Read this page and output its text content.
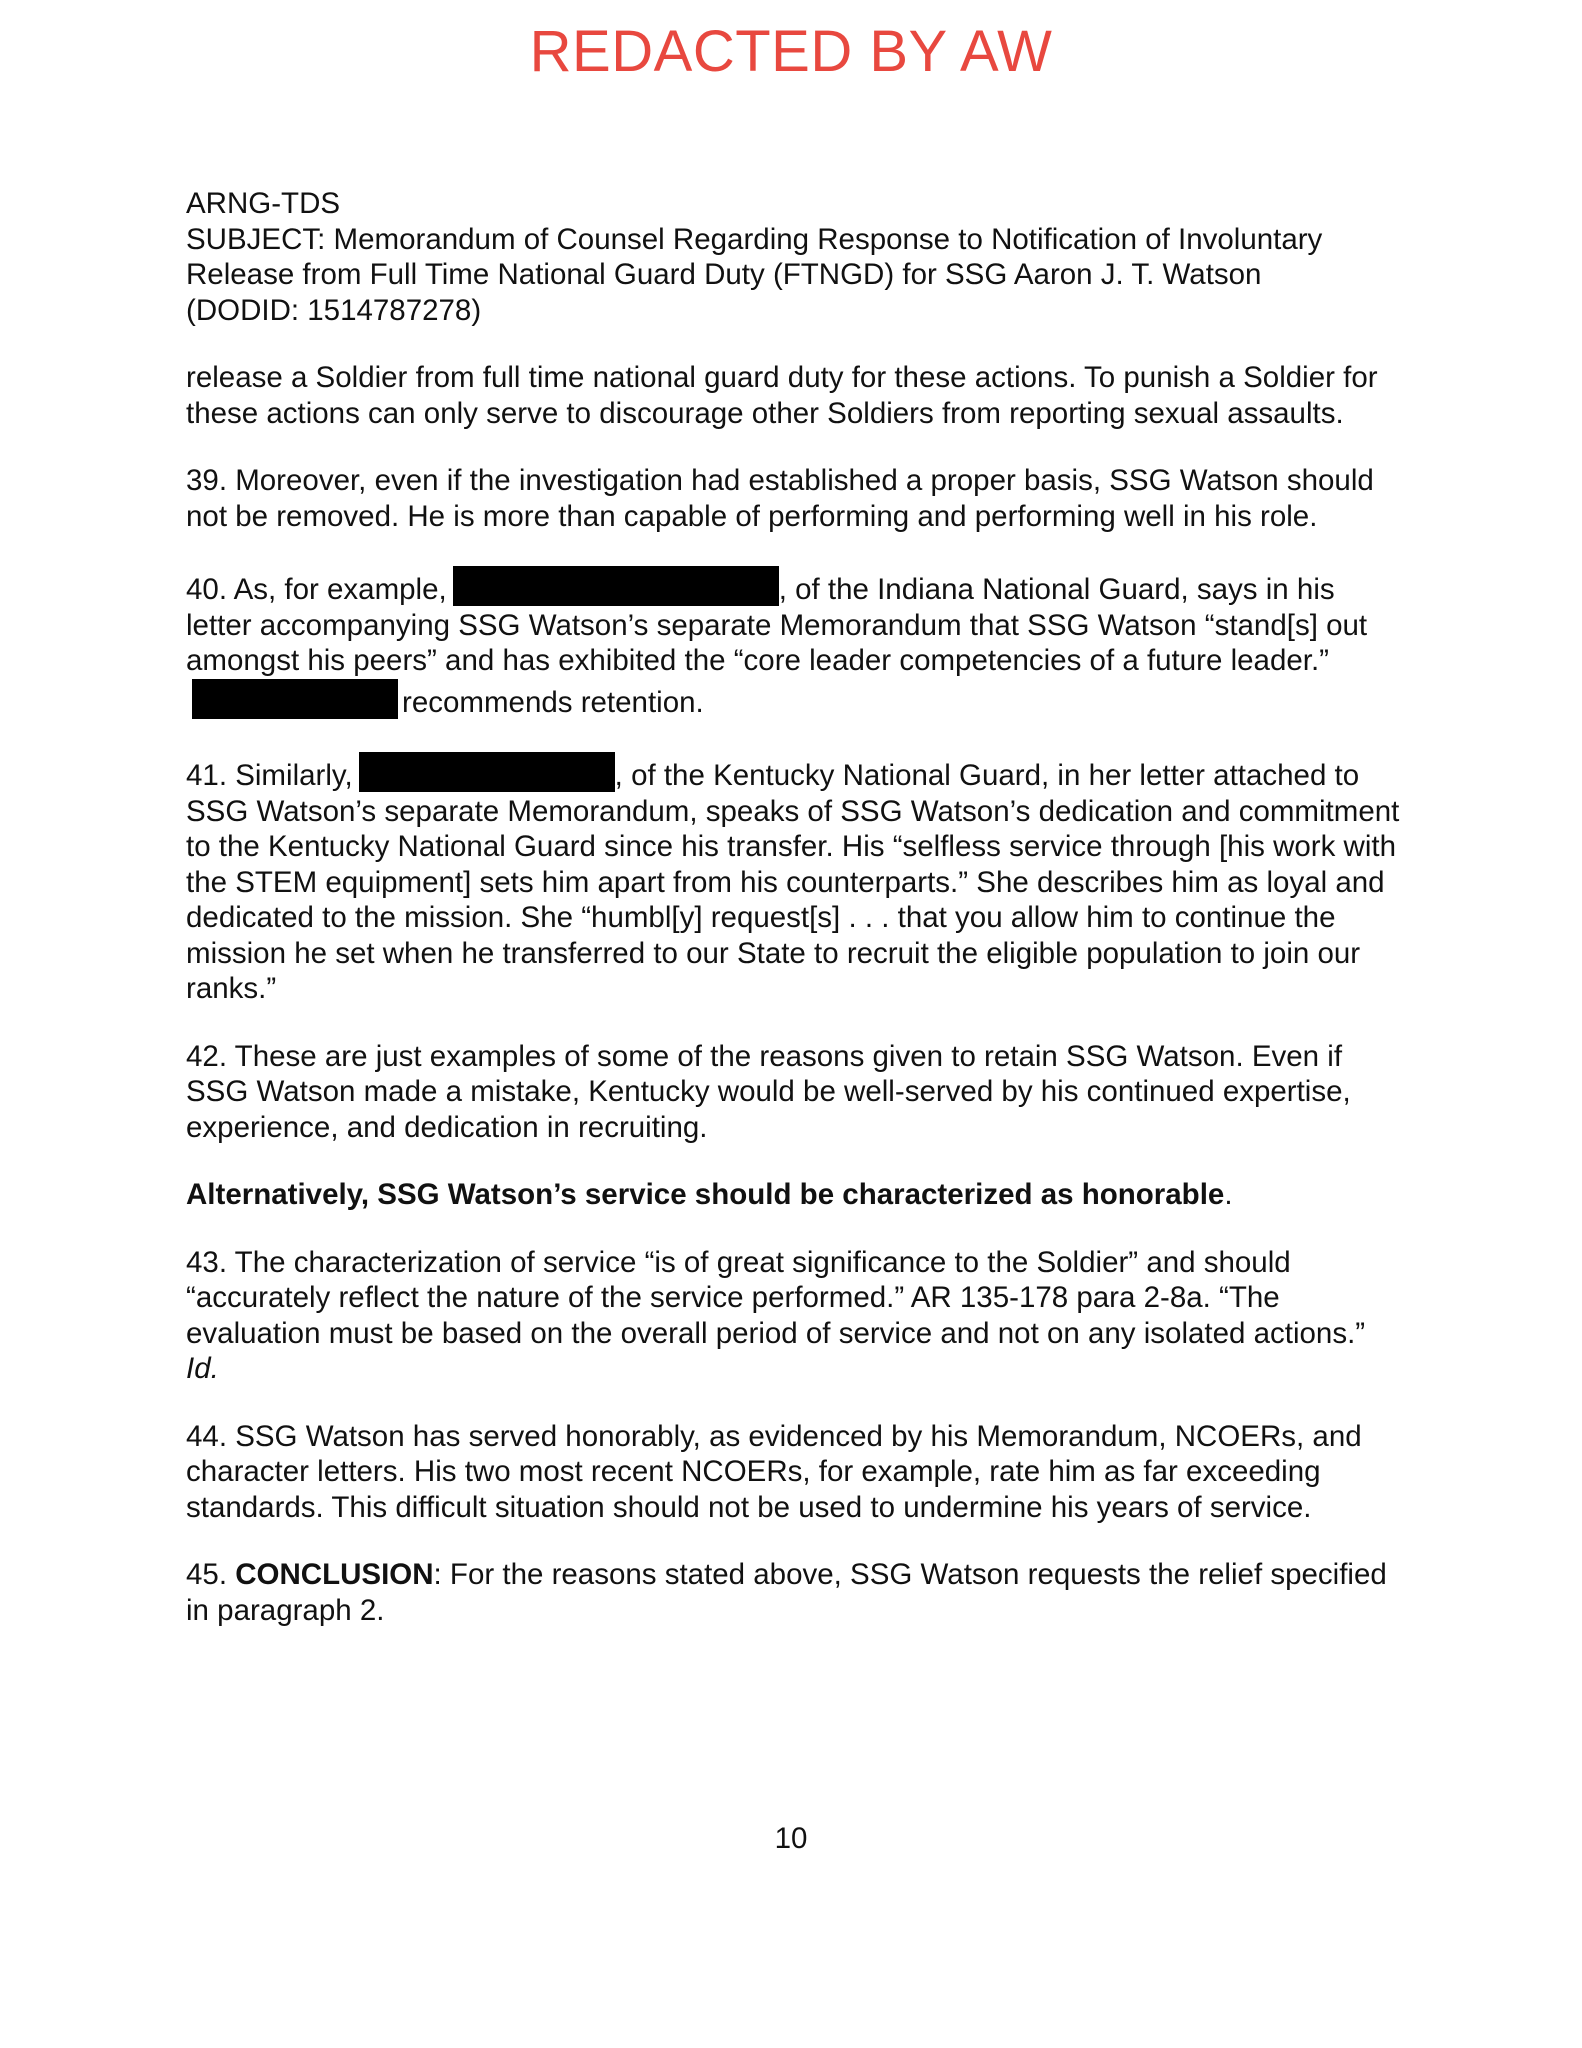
REDACTED BY AW

ARNG-TDS

SUBJECT: Memorandum of Counsel Regarding Response to Notification of Involuntary

Release from Full Time National Guard Duty (FTNGD) for SSG Aaron J. T. Watson

(DODID: 1514787278)

release a Soldier from full time national guard duty for these actions. To punish a Soldier for these actions can only serve to discourage other Soldiers from reporting sexual assaults.

39. Moreover, even if the investigation had established a proper basis, SSG Watson should not be removed. He is more than capable of performing and performing well in his role.

40. As, for example,	, of the Indiana National Guard, says in his letter accompanying SSG Watson’s separate Memorandum that SSG Watson “stand[s] out amongst his peers” and has exhibited the “core leader competencies of a future leader.”recommends retention.

41. Similarly,	, of the Kentucky National Guard, in her letter attached to SSG Watson’s separate Memorandum, speaks of SSG Watson’s dedication and commitment to the Kentucky National Guard since his transfer. His “selfless service through [his work with the STEM equipment] sets him apart from his counterparts.” She describes him as loyal and dedicated to the mission. She “humbl[y] request[s] . . . that you allow him to continue the mission he set when he transferred to our State to recruit the eligible population to join our ranks.”

42. These are just examples of some of the reasons given to retain SSG Watson. Even if SSG Watson made a mistake, Kentucky would be well-served by his continued expertise, experience, and dedication in recruiting.

Alternatively, SSG Watson’s service should be characterized as honorable.

43. The characterization of service “is of great significance to the Soldier” and should “accurately reflect the nature of the service performed.” AR 135-178 para 2-8a. “The evaluation must be based on the overall period of service and not on any isolated actions.” Id.

44. SSG Watson has served honorably, as evidenced by his Memorandum, NCOERs, and character letters. His two most recent NCOERs, for example, rate him as far exceeding standards. This difficult situation should not be used to undermine his years of service.

45. CONCLUSION: For the reasons stated above, SSG Watson requests the relief specified in paragraph 2.

10
